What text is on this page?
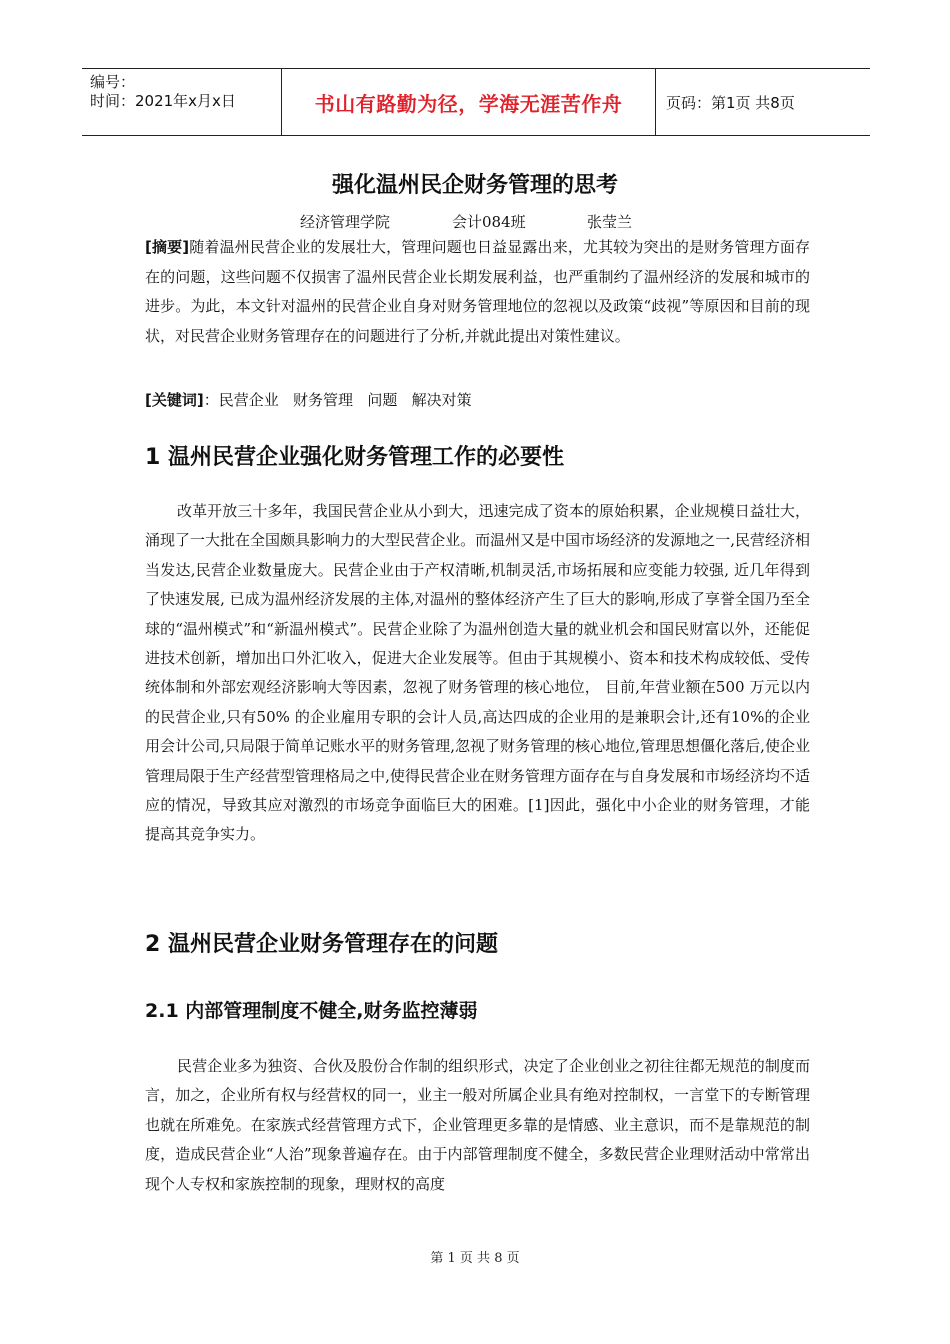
编号：
时间：2021年x月x日	书山有路勤为径，学海无涯苦作舟	页码：第1页 共8页
强化温州民企财务管理的思考
经济管理学院	会计084班	张莹兰
[摘要]随着温州民营企业的发展壮大，管理问题也日益显露出来，尤其较为突出的是财务管理方面存在的问题，这些问题不仅损害了温州民营企业长期发展利益，也严重制约了温州经济的发展和城市的进步。为此，本文针对温州的民营企业自身对财务管理地位的忽视以及政策“歧视”等原因和目前的现状，对民营企业财务管理存在的问题进行了分析,并就此提出对策性建议。
[关键词]：民营企业   财务管理   问题   解决对策
1 温州民营企业强化财务管理工作的必要性

改革开放三十多年，我国民营企业从小到大，迅速完成了资本的原始积累，企业规模日益壮大，涌现了一大批在全国颇具影响力的大型民营企业。而温州又是中国市场经济的发源地之一,民营经济相当发达,民营企业数量庞大。民营企业由于产权清晰,机制灵活,市场拓展和应变能力较强, 近几年得到了快速发展, 已成为温州经济发展的主体,对温州的整体经济产生了巨大的影响,形成了享誉全国乃至全球的“温州模式”和“新温州模式”。民营企业除了为温州创造大量的就业机会和国民财富以外，还能促进技术创新，增加出口外汇收入，促进大企业发展等。但由于其规模小、资本和技术构成较低、受传统体制和外部宏观经济影响大等因素，忽视了财务管理的核心地位， 目前,年营业额在500 万元以内的民营企业,只有50% 的企业雇用专职的会计人员,高达四成的企业用的是兼职会计,还有10%的企业用会计公司,只局限于简单记账水平的财务管理,忽视了财务管理的核心地位,管理思想僵化落后,使企业管理局限于生产经营型管理格局之中,使得民营企业在财务管理方面存在与自身发展和市场经济均不适应的情况，导致其应对激烈的市场竞争面临巨大的困难。[1]因此，强化中小企业的财务管理，才能提高其竞争实力。

2 温州民营企业财务管理存在的问题
2.1 内部管理制度不健全,财务监控薄弱

民营企业多为独资、合伙及股份合作制的组织形式，决定了企业创业之初往往都无规范的制度而言，加之，企业所有权与经营权的同一，业主一般对所属企业具有绝对控制权，一言堂下的专断管理也就在所难免。在家族式经营管理方式下，企业管理更多靠的是情感、业主意识，而不是靠规范的制度，造成民营企业“人治”现象普遍存在。由于内部管理制度不健全，多数民营企业理财活动中常常出现个人专权和家族控制的现象，理财权的高度

第 1 页 共 8 页
